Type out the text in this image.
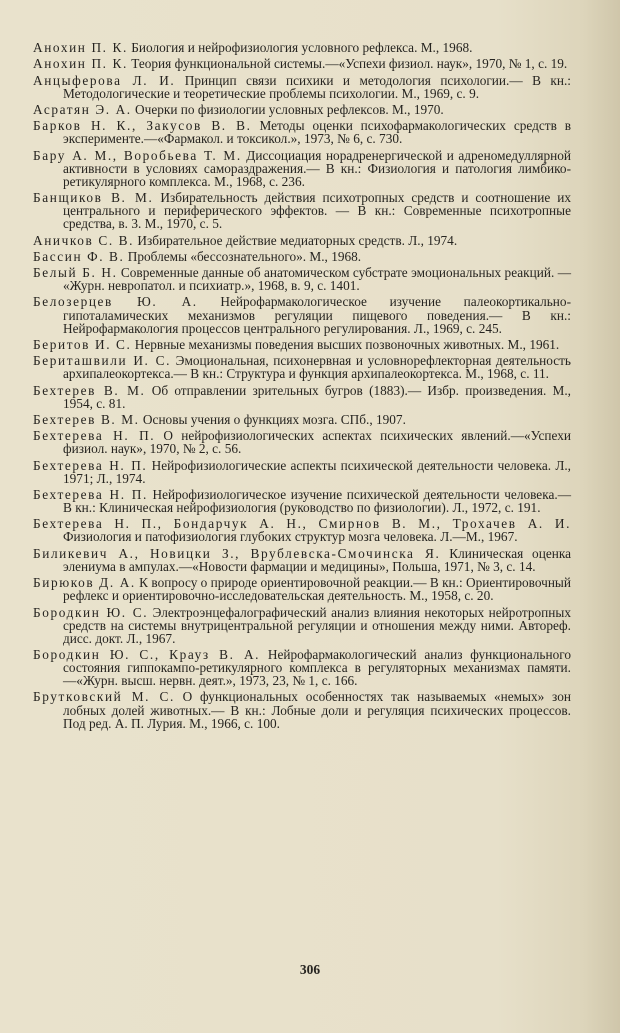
Анохин П. К. Биология и нейрофизиология условного рефлекса. М., 1968.

Анохин П. К. Теория функциональной системы.—«Успехи физиол. наук», 1970, № 1, с. 19.

Анцыферова Л. И. Принцип связи психики и методология психологии.— В кн.: Методологические и теоретические проблемы психологии. М., 1969, с. 9.

Асратян Э. А. Очерки по физиологии условных рефлексов. М., 1970.

Барков Н. К., Закусов В. В. Методы оценки психофармакологических средств в эксперименте.—«Фармакол. и токсикол.», 1973, № 6, с. 730.

Бару А. М., Воробьева Т. М. Диссоциация норадренергической и адреномедуллярной активности в условиях самораздражения.— В кн.: Физиология и патология лимбико-ретикулярного комплекса. М., 1968, с. 236.

Банщиков В. М. Избирательность действия психотропных средств и соотношение их центрального и периферического эффектов. — В кн.: Современные психотропные средства, в. 3. М., 1970, с. 5.

Аничков С. В. Избирательное действие медиаторных средств. Л., 1974.

Бассин Ф. В. Проблемы «бессознательного». М., 1968.

Белый Б. Н. Современные данные об анатомическом субстрате эмоциональных реакций. — «Журн. невропатол. и психиатр.», 1968, в. 9, с. 1401.

Белозерцев Ю. А. Нейрофармакологическое изучение палеокортикально-гипоталамических механизмов регуляции пищевого поведения.— В кн.: Нейрофармакология процессов центрального регулирования. Л., 1969, с. 245.

Беритов И. С. Нервные механизмы поведения высших позвоночных животных. М., 1961.

Бериташвили И. С. Эмоциональная, психонервная и условнорефлекторная деятельность архипалеокортекса.— В кн.: Структура и функция архипалеокортекса. М., 1968, с. 11.

Бехтерев В. М. Об отправлении зрительных бугров (1883).— Избр. произведения. М., 1954, с. 81.

Бехтерев В. М. Основы учения о функциях мозга. СПб., 1907.

Бехтерева Н. П. О нейрофизиологических аспектах психических явлений.—«Успехи физиол. наук», 1970, № 2, с. 56.

Бехтерева Н. П. Нейрофизиологические аспекты психической деятельности человека. Л., 1971; Л., 1974.

Бехтерева Н. П. Нейрофизиологическое изучение психической деятельности человека.— В кн.: Клиническая нейрофизиология (руководство по физиологии). Л., 1972, с. 191.

Бехтерева Н. П., Бондарчук А. Н., Смирнов В. М., Трохачев А. И. Физиология и патофизиология глубоких структур мозга человека. Л.—М., 1967.

Биликевич А., Новицки З., Врублевска-Смочинска Я. Клиническая оценка элениума в ампулах.—«Новости фармации и медицины», Польша, 1971, № 3, с. 14.

Бирюков Д. А. К вопросу о природе ориентировочной реакции.— В кн.: Ориентировочный рефлекс и ориентировочно-исследовательская деятельность. М., 1958, с. 20.

Бородкин Ю. С. Электроэнцефалографический анализ влияния некоторых нейротропных средств на системы внутрицентральной регуляции и отношения между ними. Автореф. дисс. докт. Л., 1967.

Бородкин Ю. С., Крауз В. А. Нейрофармакологический анализ функционального состояния гиппокампо-ретикулярного комплекса в регуляторных механизмах памяти.—«Журн. высш. нервн. деят.», 1973, 23, № 1, с. 166.

Брутковский М. С. О функциональных особенностях так называемых «немых» зон лобных долей животных.— В кн.: Лобные доли и регуляция психических процессов. Под ред. А. П. Лурия. М., 1966, с. 100.

306
